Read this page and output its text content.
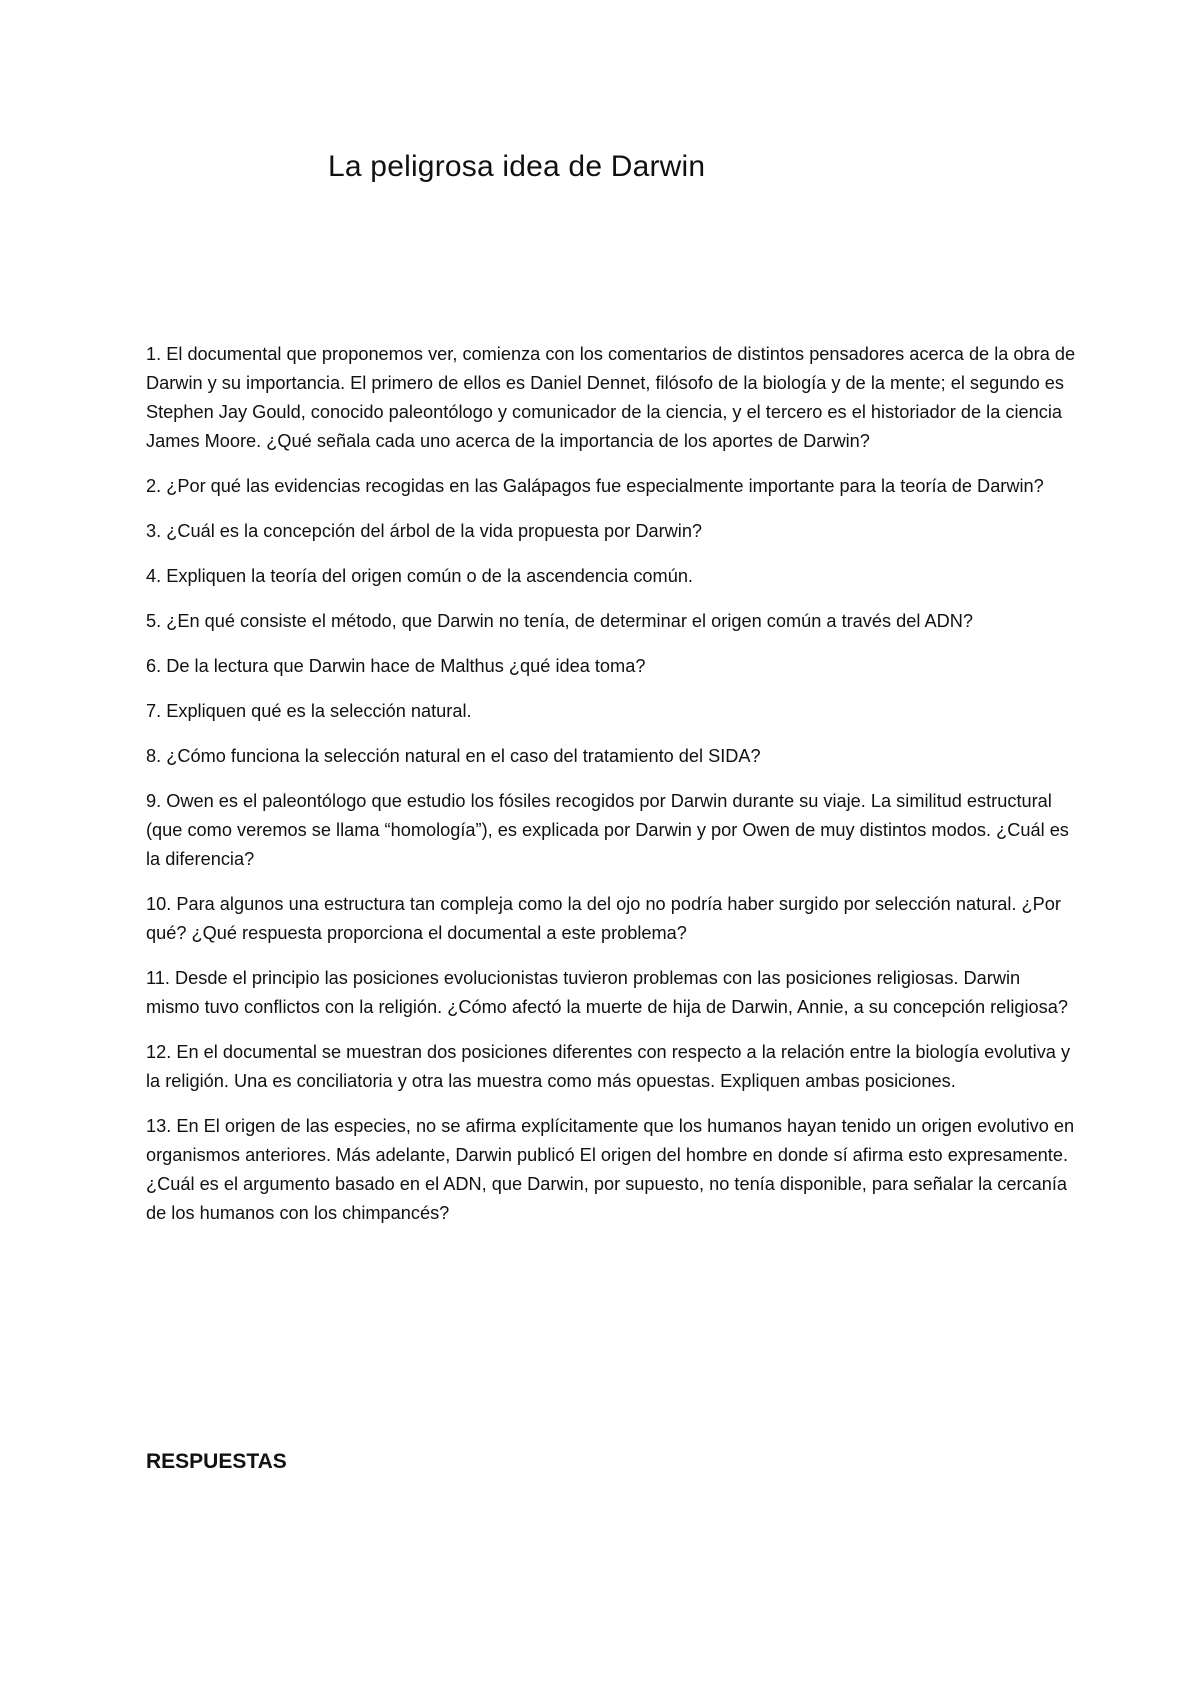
La peligrosa idea de Darwin

1. El documental que proponemos ver, comienza con los comentarios de distintos pensadores acerca de la obra de Darwin y su importancia. El primero de ellos es Daniel Dennet, filósofo de la biología y de la mente; el segundo es Stephen Jay Gould, conocido paleontólogo y comunicador de la ciencia, y el tercero es el historiador de la ciencia James Moore. ¿Qué señala cada uno acerca de la importancia de los aportes de Darwin?

2. ¿Por qué las evidencias recogidas en las Galápagos fue especialmente importante para la teoría de Darwin?

3. ¿Cuál es la concepción del árbol de la vida propuesta por Darwin?

4. Expliquen la teoría del origen común o de la ascendencia común.

5. ¿En qué consiste el método, que Darwin no tenía, de determinar el origen común a través del ADN?

6. De la lectura que Darwin hace de Malthus ¿qué idea toma?

7. Expliquen qué es la selección natural.

8. ¿Cómo funciona la selección natural en el caso del tratamiento del SIDA?

9. Owen es el paleontólogo que estudio los fósiles recogidos por Darwin durante su viaje. La similitud estructural (que como veremos se llama “homología”), es explicada por Darwin y por Owen de muy distintos modos. ¿Cuál es la diferencia?

10. Para algunos una estructura tan compleja como la del ojo no podría haber surgido por selección natural. ¿Por qué? ¿Qué respuesta proporciona el documental a este problema?

11. Desde el principio las posiciones evolucionistas tuvieron problemas con las posiciones religiosas. Darwin mismo tuvo conflictos con la religión. ¿Cómo afectó la muerte de hija de Darwin, Annie, a su concepción religiosa?

12. En el documental se muestran dos posiciones diferentes con respecto a la relación entre la biología evolutiva y la religión. Una es conciliatoria y otra las muestra como más opuestas. Expliquen ambas posiciones.

13. En El origen de las especies, no se afirma explícitamente que los humanos hayan tenido un origen evolutivo en organismos anteriores. Más adelante, Darwin publicó El origen del hombre en donde sí afirma esto expresamente. ¿Cuál es el argumento basado en el ADN, que Darwin, por supuesto, no tenía disponible, para señalar la cercanía de los humanos con los chimpancés?

RESPUESTAS
